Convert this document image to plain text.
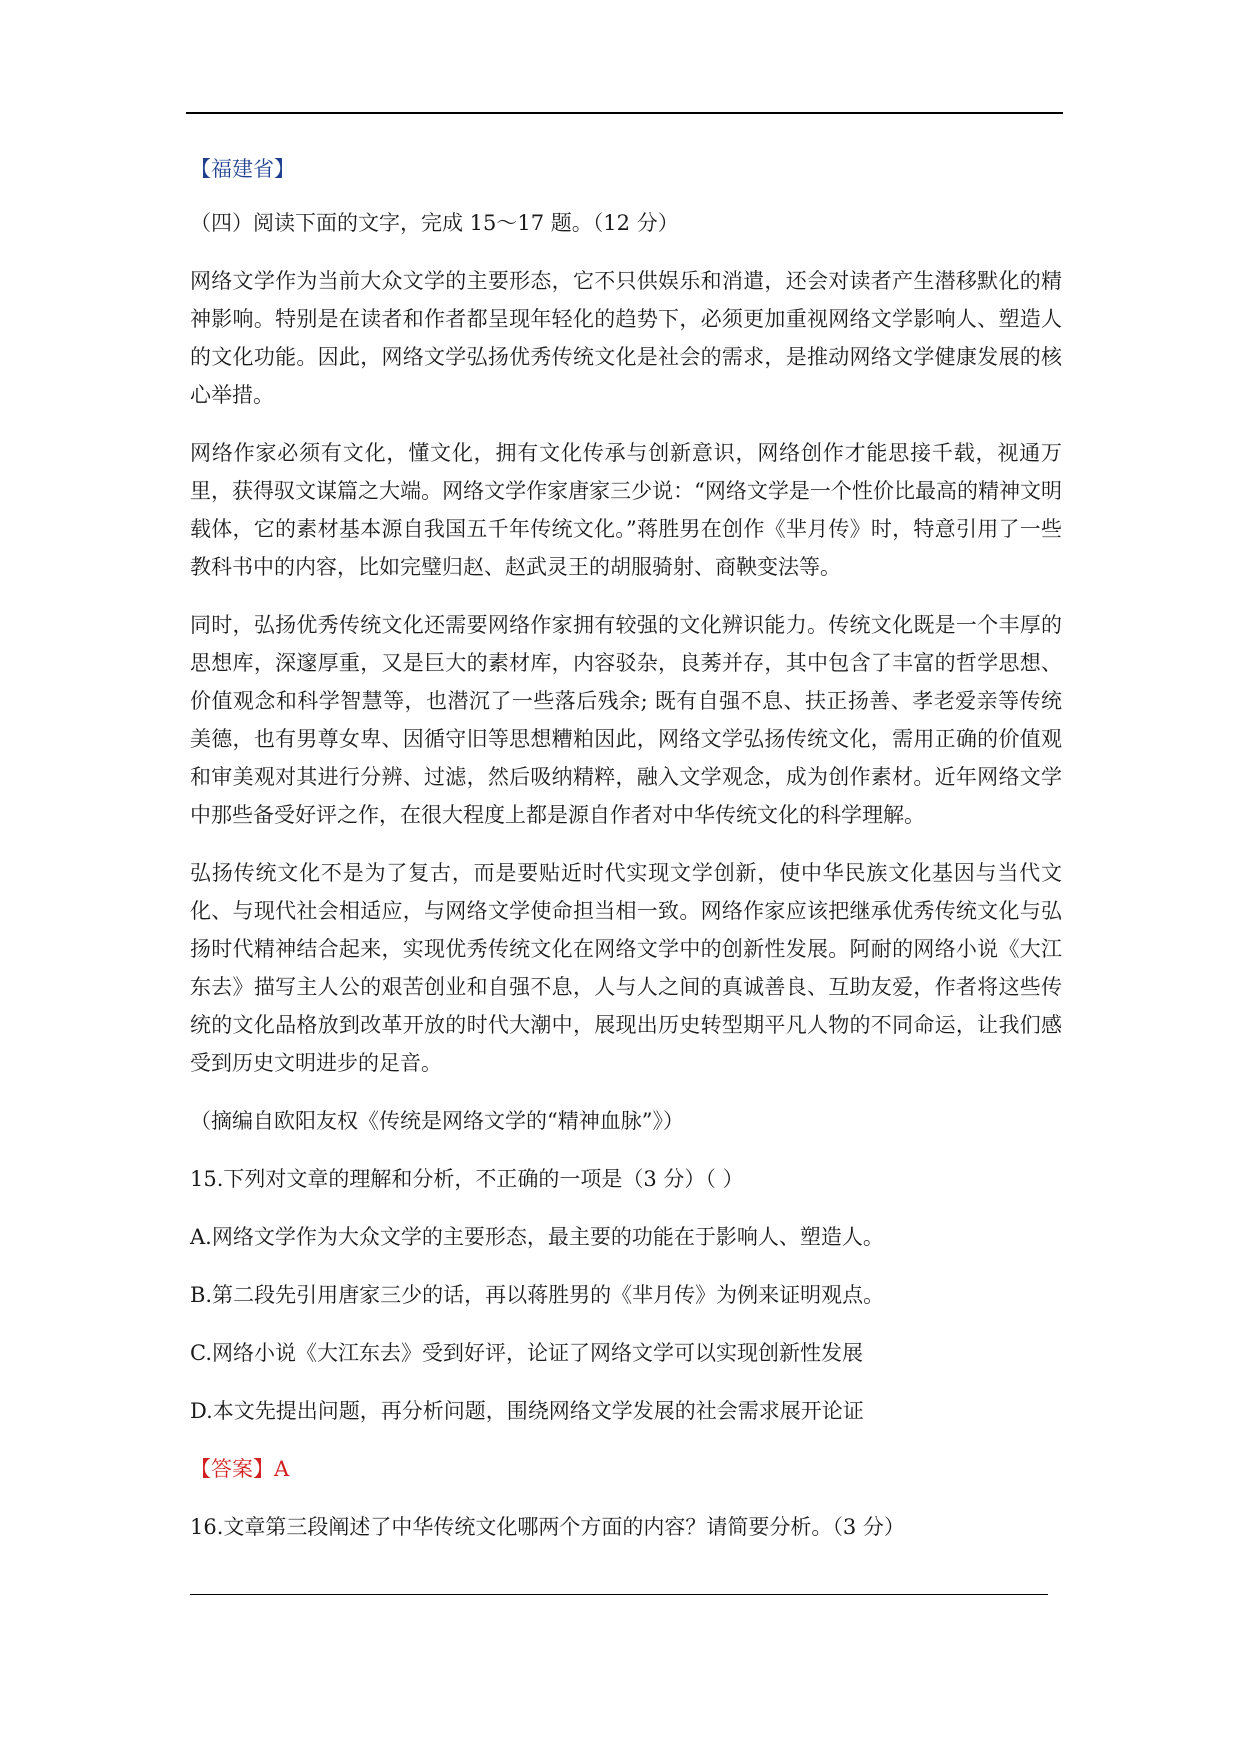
【福建省】

（四）阅读下面的文字，完成 15～17 题。（12 分）

网络文学作为当前大众文学的主要形态，它不只供娱乐和消遣，还会对读者产生潜移默化的精神影响。特别是在读者和作者都呈现年轻化的趋势下，必须更加重视网络文学影响人、塑造人的文化功能。因此，网络文学弘扬优秀传统文化是社会的需求，是推动网络文学健康发展的核心举措。

网络作家必须有文化，懂文化，拥有文化传承与创新意识，网络创作才能思接千载，视通万里，获得驭文谋篇之大端。网络文学作家唐家三少说：“网络文学是一个性价比最高的精神文明载体，它的素材基本源自我国五千年传统文化。”蒋胜男在创作《芈月传》时，特意引用了一些教科书中的内容，比如完璧归赵、赵武灵王的胡服骑射、商鞅变法等。

同时，弘扬优秀传统文化还需要网络作家拥有较强的文化辨识能力。传统文化既是一个丰厚的思想库，深邃厚重，又是巨大的素材库，内容驳杂，良莠并存，其中包含了丰富的哲学思想、价值观念和科学智慧等，也潜沉了一些落后残余; 既有自强不息、扶正扬善、孝老爱亲等传统美德，也有男尊女卑、因循守旧等思想糟粕因此，网络文学弘扬传统文化，需用正确的价值观和审美观对其进行分辨、过滤，然后吸纳精粹，融入文学观念，成为创作素材。近年网络文学中那些备受好评之作，在很大程度上都是源自作者对中华传统文化的科学理解。

弘扬传统文化不是为了复古，而是要贴近时代实现文学创新，使中华民族文化基因与当代文化、与现代社会相适应，与网络文学使命担当相一致。网络作家应该把继承优秀传统文化与弘扬时代精神结合起来，实现优秀传统文化在网络文学中的创新性发展。阿耐的网络小说《大江东去》描写主人公的艰苦创业和自强不息，人与人之间的真诚善良、互助友爱，作者将这些传统的文化品格放到改革开放的时代大潮中，展现出历史转型期平凡人物的不同命运，让我们感受到历史文明进步的足音。

（摘编自欧阳友权《传统是网络文学的“精神血脉”》）

15.下列对文章的理解和分析，不正确的一项是（3 分）（ ）

A.网络文学作为大众文学的主要形态，最主要的功能在于影响人、塑造人。

B.第二段先引用唐家三少的话，再以蒋胜男的《芈月传》为例来证明观点。

C.网络小说《大江东去》受到好评，论证了网络文学可以实现创新性发展

D.本文先提出问题，再分析问题，围绕网络文学发展的社会需求展开论证

【答案】A

16.文章第三段阐述了中华传统文化哪两个方面的内容？请简要分析。（3 分）
